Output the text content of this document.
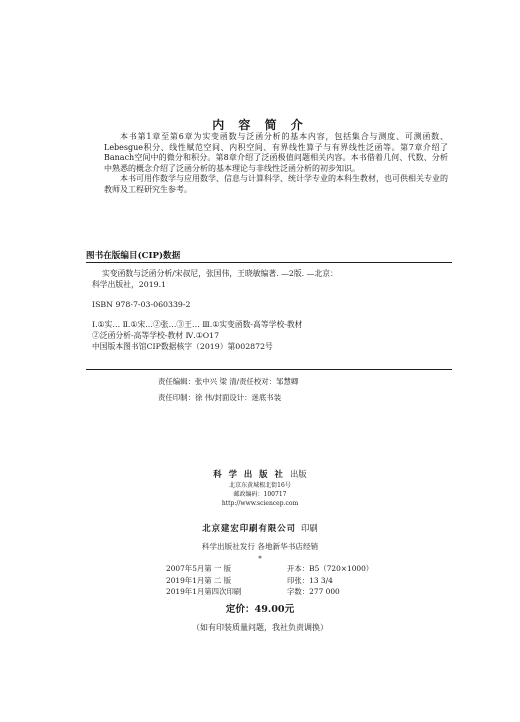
内 容 简 介

本书第1章至第6章为实变函数与泛函分析的基本内容，包括集合与测度、可测函数、Lebesgue积分、线性赋范空间、内积空间、有界线性算子与有界线性泛函等。第7章介绍了Banach空间中的微分和积分。第8章介绍了泛函极值问题相关内容。本书借着几何、代数、分析中熟悉的概念介绍了泛函分析的基本理论与非线性泛函分析的初步知识。

本书可用作数学与应用数学、信息与计算科学、统计学专业的本科生教材，也可供相关专业的教师及工程研究生参考。

图书在版编目(CIP)数据
实变函数与泛函分析/宋叔尼，张国伟，王晓敏编著. —2版. —北京：
科学出版社，2019.1
ISBN 978-7-03-060339-2
Ⅰ.①实… Ⅱ.①宋…②张…③王… Ⅲ.①实变函数-高等学校-教材
②泛函分析-高等学校-教材 Ⅳ.①O17
中国版本图书馆CIP数据核字（2019）第002872号
责任编辑：张中兴 梁 清/责任校对：邹慧卿
责任印制：徐 伟/封面设计：迷底书装
科 学 出 版 社 出版
北京东黄城根北街16号
邮政编码：100717
http://www.sciencep.com
北京建宏印刷有限公司 印刷
科学出版社发行 各地新华书店经销
*
2007年5月第 一 版
2019年1月第 二 版
2019年1月第四次印刷
开本：B5（720×1000）
印张：13 3/4
字数：277 000
定价：49.00元
（如有印装质量问题，我社负责调换）
